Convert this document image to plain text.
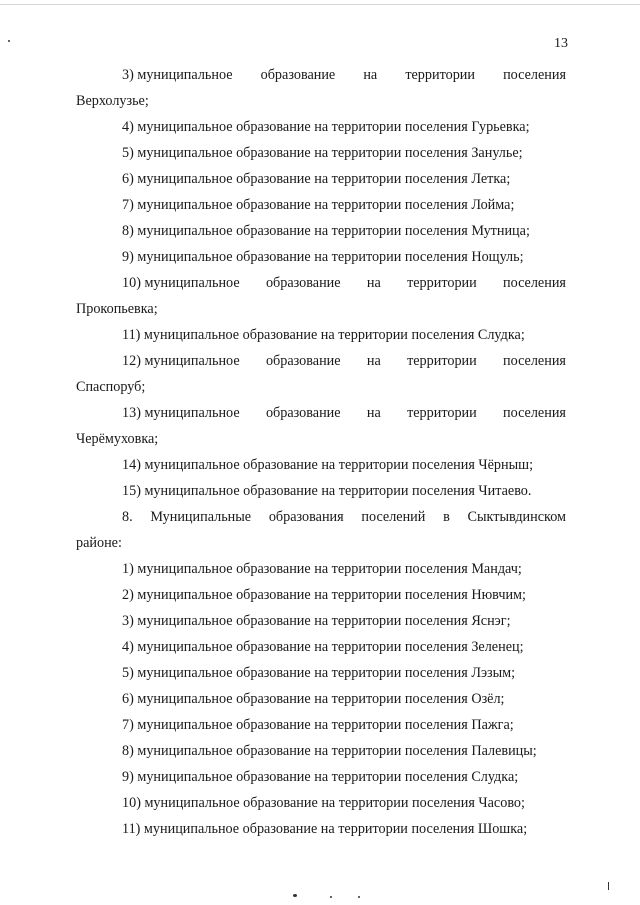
13
3) муниципальное образование на территории поселения
Верхолузье;
4) муниципальное образование на территории поселения Гурьевка;
5) муниципальное образование на территории поселения Занулье;
6) муниципальное образование на территории поселения Летка;
7) муниципальное образование на территории поселения Лойма;
8) муниципальное образование на территории поселения Мутница;
9) муниципальное образование на территории поселения Нощуль;
10) муниципальное образование на территории поселения
Прокопьевка;
11) муниципальное образование на территории поселения Слудка;
12) муниципальное образование на территории поселения
Спаспоруб;
13) муниципальное образование на территории поселения
Черёмуховка;
14) муниципальное образование на территории поселения Чёрныш;
15) муниципальное образование на территории поселения Читаево.
8. Муниципальные образования поселений в Сыктывдинском
районе:
1) муниципальное образование на территории поселения Мандач;
2) муниципальное образование на территории поселения Нювчим;
3) муниципальное образование на территории поселения Яснэг;
4) муниципальное образование на территории поселения Зеленец;
5) муниципальное образование на территории поселения Лэзым;
6) муниципальное образование на территории поселения Озёл;
7) муниципальное образование на территории поселения Пажга;
8) муниципальное образование на территории поселения Палевицы;
9) муниципальное образование на территории поселения Слудка;
10) муниципальное образование на территории поселения Часово;
11) муниципальное образование на территории поселения Шошка;
